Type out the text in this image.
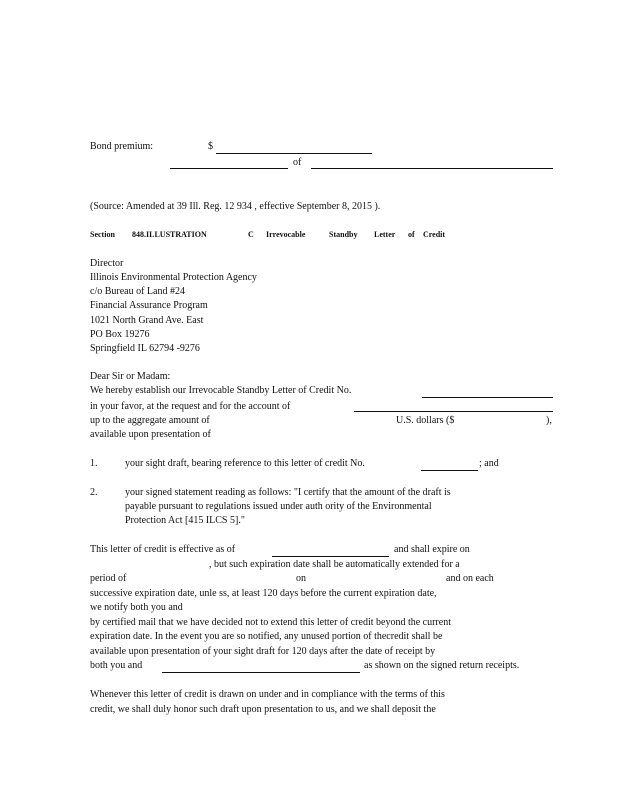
Bond premium:	$
of
(Source: Amended at 39 Ill. Reg. 12 934 , effective September 8, 2015 ).
Section 848.ILLUSTRATION	C Irrevocable	Standby Letter of Credit
Director
Illinois Environmental Protection Agency
c/o Bureau of Land #24
Financial Assurance Program
1021 North Grand Ave. East
PO Box 19276
Springfield IL 62794 -9276
Dear Sir or Madam:
We hereby establish our Irrevocable Standby Letter of Credit No.
in your favor, at the request and for the account of
up to the aggregate amount of	U.S. dollars ($	),
available upon presentation of
1.	your sight draft, bearing reference to this letter of credit No.	; and
2.	your signed statement reading as follows: "I certify that the amount of the draft is
payable pursuant to regulations issued under auth ority of the Environmental
Protection Act [415 ILCS 5]."
This letter of credit is effective as of	and shall expire on
, but such expiration date shall be automatically extended for a
period of	on	and on each
successive expiration date, unle ss, at least 120 days before the current expiration date,
we notify both you and
by certified mail that we have decided not to extend this letter of credit beyond the current
expiration date. In the event you are so notified, any unused portion of thecredit shall be
available upon presentation of your sight draft for 120 days after the date of receipt by
both you and	as shown on the signed return receipts.
Whenever this letter of credit is drawn on under and in compliance with the terms of this
credit, we shall duly honor such draft upon presentation to us, and we shall deposit the
